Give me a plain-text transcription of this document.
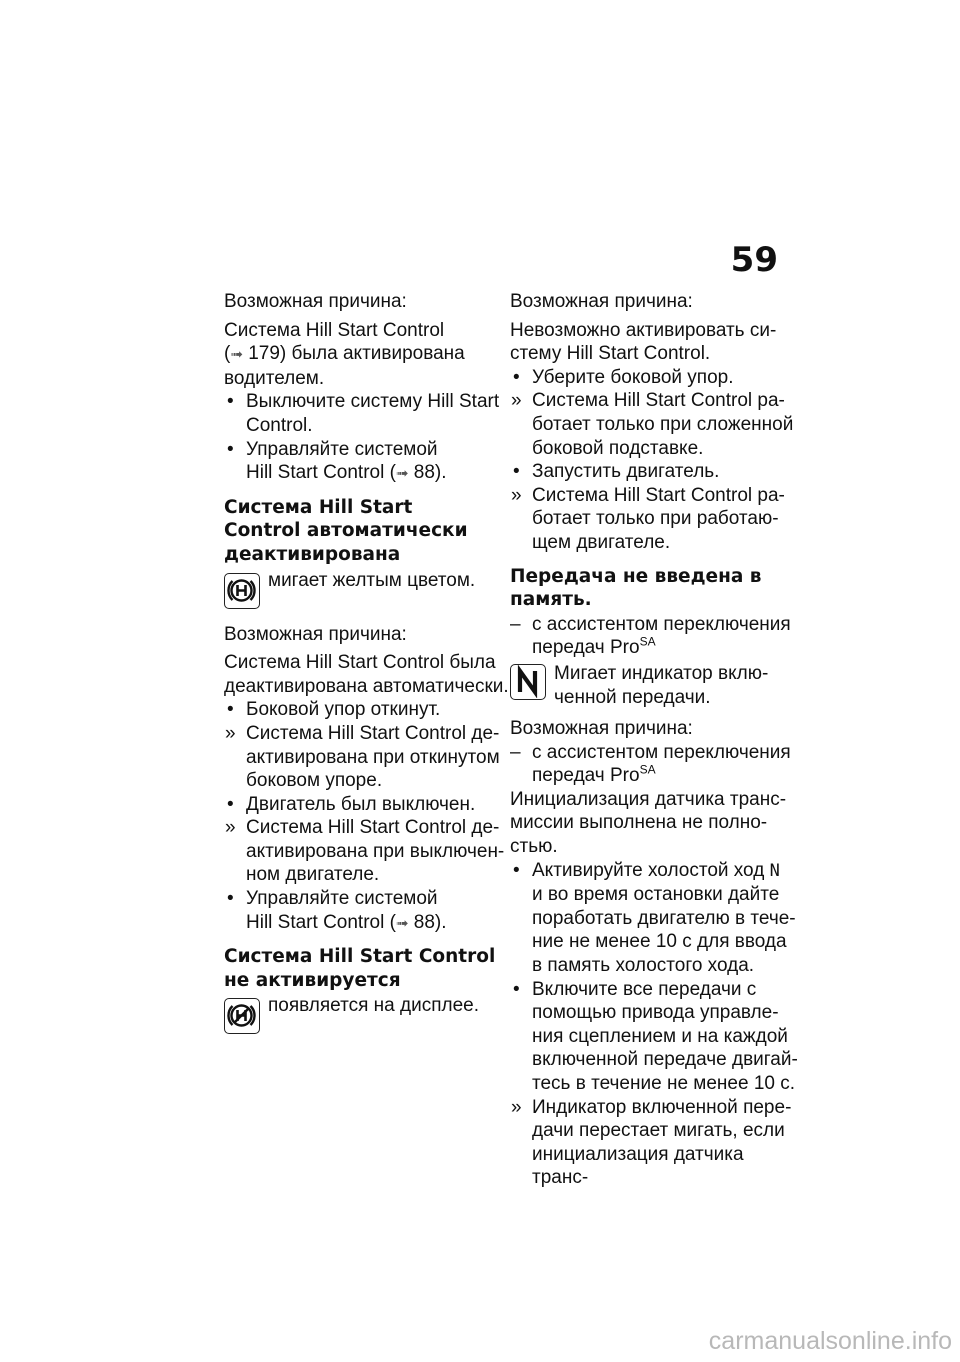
59

Возможная причина:

Система Hill Start Control

(➟ 179) была активирована

водителем.

• Выключите систему Hill Start
Control.
• Управляйте системой
Hill Start Control (➟ 88).
Система Hill Start
Control автоматически
деактивирована

мигает желтым цветом.

Возможная причина:

Система Hill Start Control была

деактивирована автоматически.

• Боковой упор откинут.
» Система Hill Start Control де-
активирована при откинутом
боковом упоре.
• Двигатель был выключен.
» Система Hill Start Control де-
активирована при выключен-
ном двигателе.
• Управляйте системой
Hill Start Control (➟ 88).
Система Hill Start Control
не активируется

появляется на дисплее.

Возможная причина:

Невозможно активировать си-

стему Hill Start Control.

• Уберите боковой упор.
» Система Hill Start Control ра-
ботает только при сложенной
боковой подставке.
• Запустить двигатель.
» Система Hill Start Control ра-
ботает только при работаю-
щем двигателе.
Передача не введена в
память.
– с ассистентом переключения
передач Pro$^{SA}$
Мигает индикатор вклю-
ченной передачи.

Возможная причина:

– с ассистентом переключения
передач Pro$^{SA}$

Инициализация датчика транс-

миссии выполнена не полно-

стью.

• Активируйте холостой ход N
и во время остановки дайте
поработать двигателю в тече-
ние не менее 10 с для ввода
в память холостого хода.
• Включите все передачи с
помощью привода управле-
ния сцеплением и на каждой
включенной передаче двигай-
тесь в течение не менее 10 с.
» Индикатор включенной пере-
дачи перестает мигать, если
инициализация датчика транс-

carmanualsonline.info
